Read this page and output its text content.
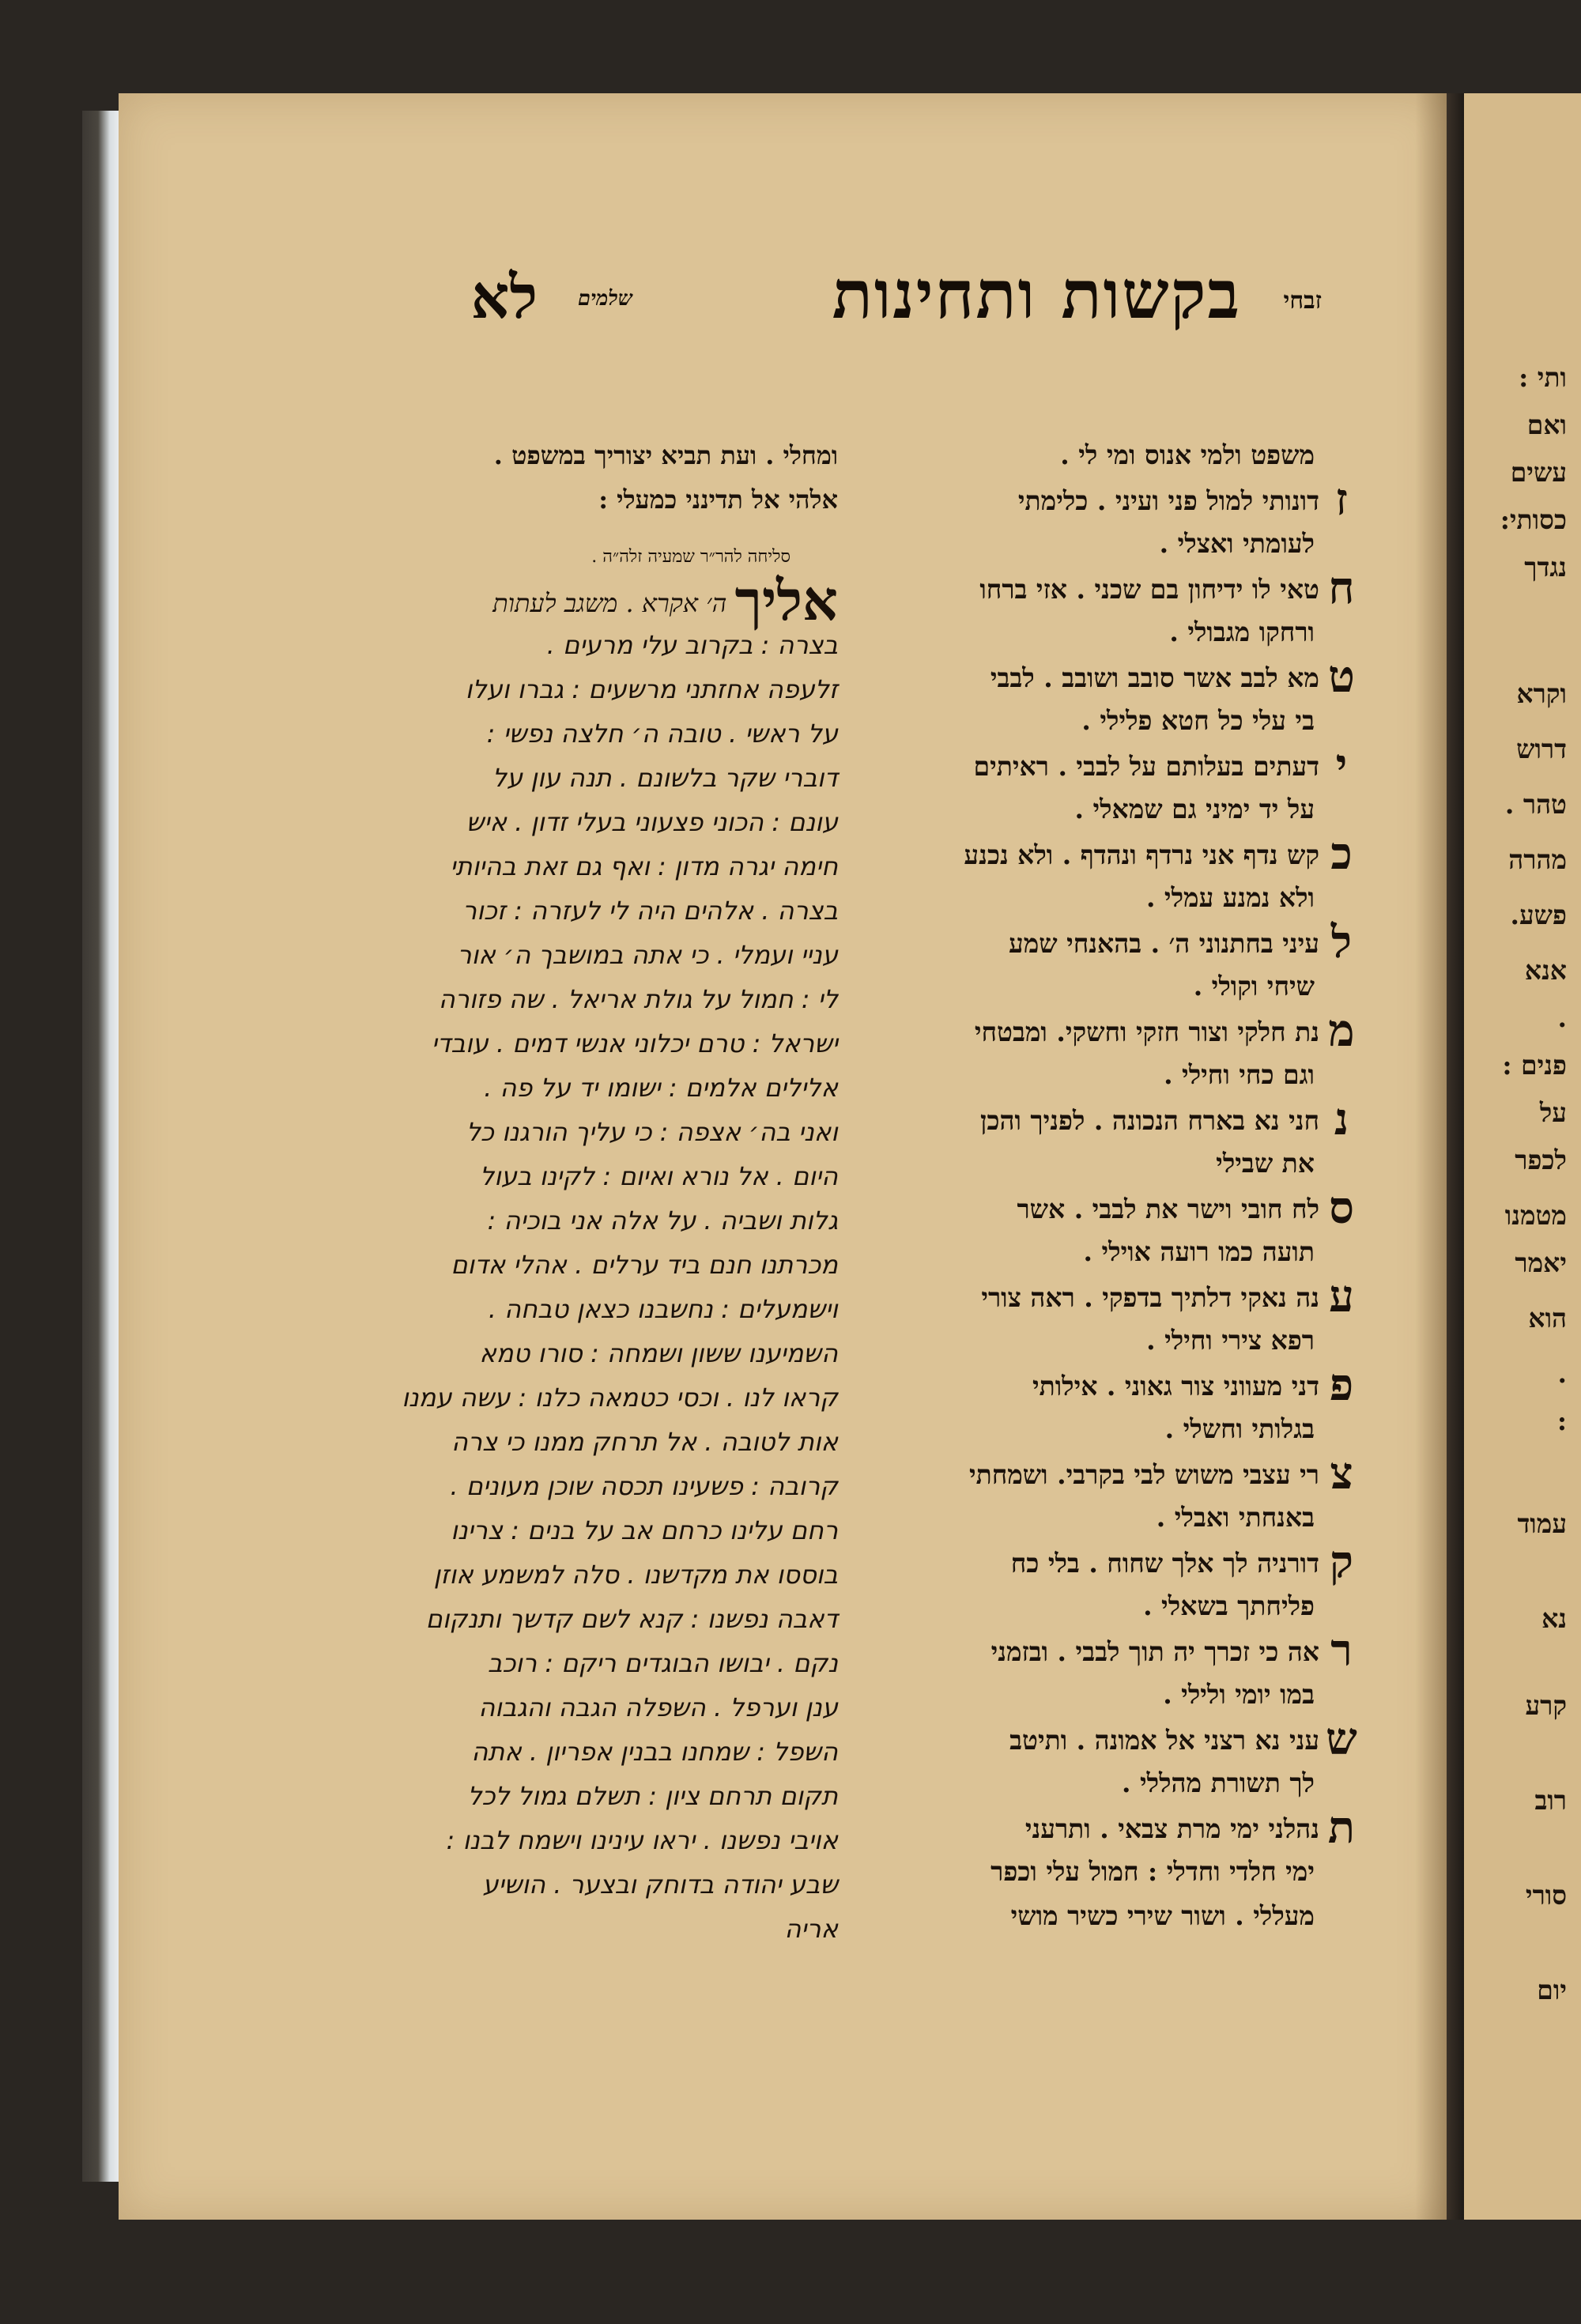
זבחי
בקשות ותחינות
שלמים
לא
משפט ולמי אנוס ומי לי .
זדונותי למול פני ועיני . כלימתי
לעומתי ואצלי .
חטאי לו ידיחון בם שכני . אזי ברחו
ורחקו מגבולי .
טמא לבב אשר סובב ושובב . לבבי
בי עלי כל חטא פלילי .
ידעתים בעלותם על לבבי . ראיתים
על יד ימיני גם שמאלי .
כקש נדף אני נרדף ונהדף . ולא נכנע
ולא נמנע עמלי .
לעיני בחתנוני ה׳ . בהאנחי שמע
שיחי וקולי .
מנת חלקי וצור חזקי וחשקי. ומבטחי
וגם כחי וחילי .
נחני נא בארח הנכונה . לפניך והכן
את שבילי
סלח חובי וישר את לבבי . אשר
תועה כמו רועה אוילי .
ענה נאקי דלתיך בדפקי . ראה צורי
רפא צירי וחילי .
פדני מעווני צור גאוני . אילותי
בגלותי וחשלי .
צרי עצבי משוש לבי בקרבי. ושמחתי
באנחתי ואבלי .
קדורניה לך אלך שחוח . בלי כח
פליחתך בשאלי .
ראה כי זכרך יה תוך לבבי . ובזמני
במו יומי ולילי .
שעני נא רצני אל אמונה . ותיטב
לך תשורת מהללי .
תנהלני ימי מרת צבאי . ותרעני
ימי חלדי וחדלי : חמול עלי וכפר
מעללי . ושור שירי כשיר מושי
ומחלי . ועת תביא יצוריך במשפט .
אלהי אל תדינני כמעלי :
סליחה להר״ר שמעיה זלה״ה .
אליך ה׳ אקרא . משגב לעתות
בצרה : בקרוב עלי מרעים .
זלעפה אחזתני מרשעים : גברו ועלו
על ראשי . טובה ה׳ חלצה נפשי :
דוברי שקר בלשונם . תנה עון על
עונם : הכוני פצעוני בעלי זדון . איש
חימה יגרה מדון : ואף גם זאת בהיותי
בצרה . אלהים היה לי לעזרה : זכור
עניי ועמלי . כי אתה במושבך ה׳ אור
לי : חמול על גולת אריאל . שה פזורה
ישראל : טרם יכלוני אנשי דמים . עובדי
אלילים אלמים : ישומו יד על פה .
ואני בה׳ אצפה : כי עליך הורגנו כל
היום . אל נורא ואיום : לקינו בעול
גלות ושביה . על אלה אני בוכיה :
מכרתנו חנם ביד ערלים . אהלי אדום
וישמעלים : נחשבנו כצאן טבחה .
השמיענו ששון ושמחה : סורו טמא
קראו לנו . וכסי כטמאה כלנו : עשה עמנו
אות לטובה . אל תרחק ממנו כי צרה
קרובה : פשעינו תכסה שוכן מעונים .
רחם עלינו כרחם אב על בנים : צרינו
בוססו את מקדשנו . סלה למשמע אוזן
דאבה נפשנו : קנא לשם קדשך ותנקום
נקם . יבושו הבוגדים ריקם : רוכב
ענן וערפל . השפלה הגבה והגבוה
השפל : שמחנו בבנין אפריון . אתה
תקום תרחם ציון : תשלם גמול לכל
אויבי נפשנו . יראו עינינו וישמח לבנו :
שבע יהודה בדוחק ובצער . הושיע
אריה
ותי :
ואם
עשים
כסותי:
נגדך
וקרא
דרוש
טהר .
מהרה
פשע.
אנא
.
פנים :
על
לכפר
מטמנו
יאמר
הוא
.
:
עמוד
נא
קרע
רוב
סורי
יום
